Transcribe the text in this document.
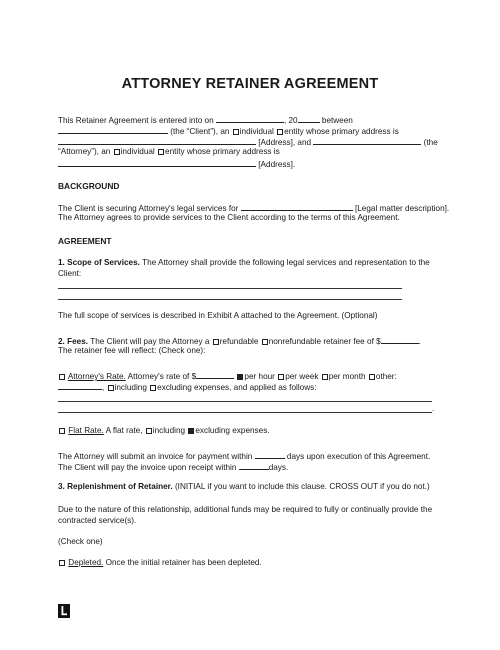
ATTORNEY RETAINER AGREEMENT
This Retainer Agreement is entered into on	, 20	between
(the “Client”), an individual entity whose primary address is
[Address], and	(the
“Attorney”), an individual entity whose primary address is
[Address].
BACKGROUND
The Client is securing Attorney's legal services for	[Legal matter description].
The Attorney agrees to provide services to the Client according to the terms of this Agreement.
AGREEMENT
1. Scope of Services. The Attorney shall provide the following legal services and representation to the
Client:
The full scope of services is described in Exhibit A attached to the Agreement. (Optional)
2. Fees. The Client will pay the Attorney a refundable nonrefundable retainer fee of $	.
The retainer fee will reflect: (Check one):
Attorney's Rate. Attorney's rate of $	per hour per week per month other:
, including excluding expenses, and applied as follows:
.
Flat Rate. A flat rate, including excluding expenses.
The Attorney will submit an invoice for payment within	days upon execution of this Agreement.
The Client will pay the invoice upon receipt within	days.
3. Replenishment of Retainer. (INITIAL if you want to include this clause. CROSS OUT if you do not.)
Due to the nature of this relationship, additional funds may be required to fully or continually provide the
contracted service(s).
(Check one)
Depleted. Once the initial retainer has been depleted.
